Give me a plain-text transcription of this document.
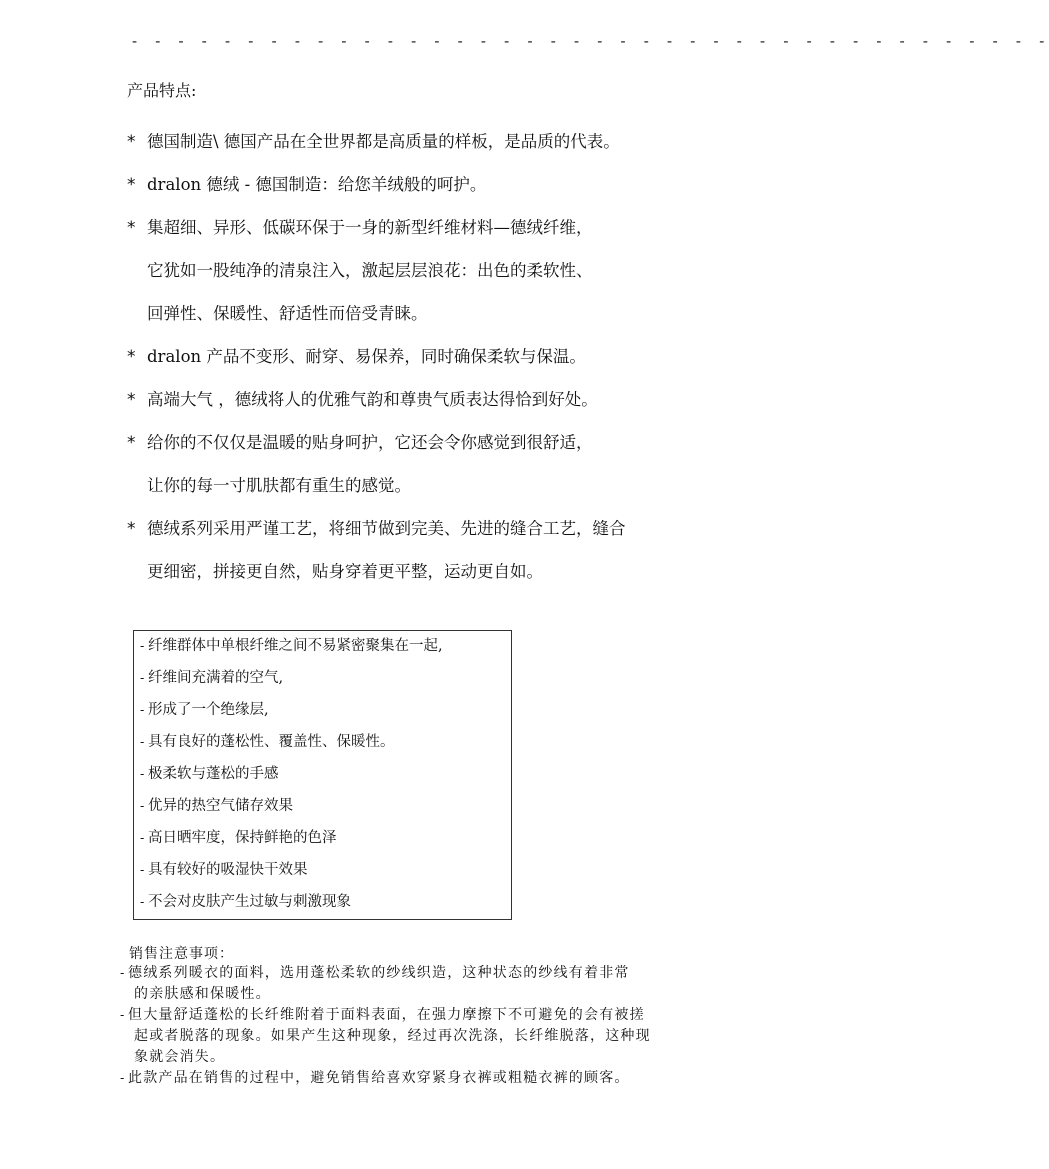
- - - - - - - - - - - - - - - - - - - - - - - - - - - - - - - - - - - - - - - -
产品特点:
* 德国制造\ 德国产品在全世界都是高质量的样板，是品质的代表。
* dralon 德绒 - 德国制造：给您羊绒般的呵护。
* 集超细、异形、低碳环保于一身的新型纤维材料—德绒纤维，
它犹如一股纯净的清泉注入，激起层层浪花：出色的柔软性、
回弹性、保暖性、舒适性而倍受青睐。
* dralon 产品不变形、耐穿、易保养，同时确保柔软与保温。
* 高端大气 ，德绒将人的优雅气韵和尊贵气质表达得恰到好处。
* 给你的不仅仅是温暖的贴身呵护，它还会令你感觉到很舒适，
让你的每一寸肌肤都有重生的感觉。
* 德绒系列采用严谨工艺，将细节做到完美、先进的缝合工艺，缝合
更细密，拼接更自然，贴身穿着更平整，运动更自如。
- 纤维群体中单根纤维之间不易紧密聚集在一起,
- 纤维间充满着的空气,
- 形成了一个绝缘层,
- 具有良好的蓬松性、覆盖性、保暖性。
- 极柔软与蓬松的手感
- 优异的热空气储存效果
- 高日晒牢度，保持鲜艳的色泽
- 具有较好的吸湿快干效果
- 不会对皮肤产生过敏与刺激现象
销售注意事项：
- 德绒系列暖衣的面料，选用蓬松柔软的纱线织造，这种状态的纱线有着非常
的亲肤感和保暖性。
- 但大量舒适蓬松的长纤维附着于面料表面，在强力摩擦下不可避免的会有被搓
起或者脱落的现象。如果产生这种现象，经过再次洗涤，长纤维脱落，这种现
象就会消失。
- 此款产品在销售的过程中，避免销售给喜欢穿紧身衣裤或粗糙衣裤的顾客。
